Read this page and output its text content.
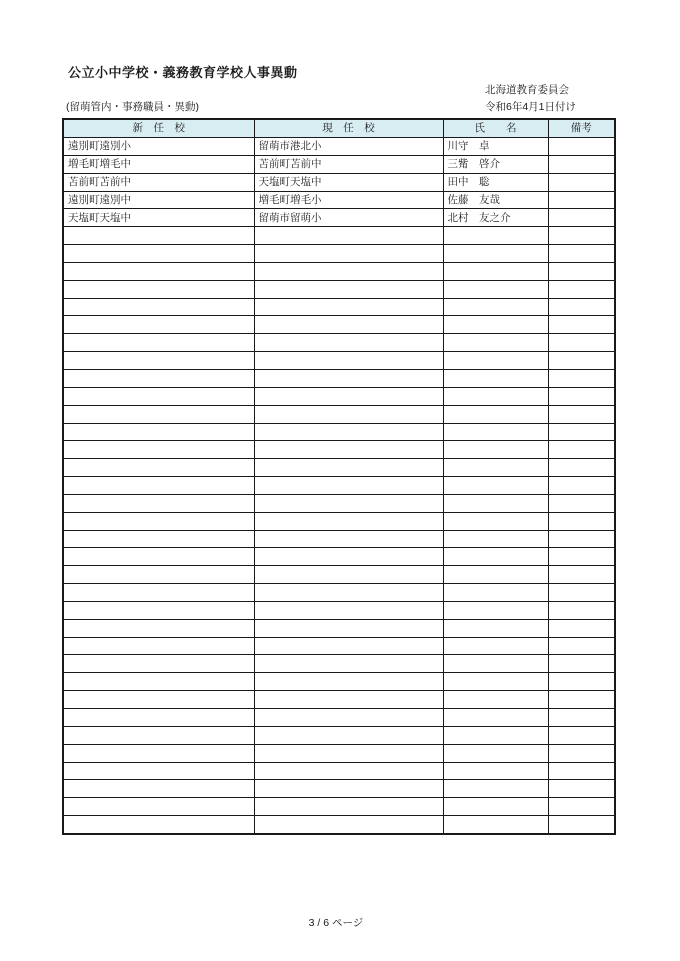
公立小中学校・義務教育学校人事異動
北海道教育委員会
(留萌管内・事務職員・異動)	令和6年4月1日付け
新　任　校	現　任　校	氏　　名	備考
遠別町遠別小	留萌市港北小	川守　卓	
増毛町増毛中	苫前町苫前中	三觜　啓介	
苫前町苫前中	天塩町天塩中	田中　聡	
遠別町遠別中	増毛町増毛小	佐藤　友哉	
天塩町天塩中	留萌市留萌小	北村　友之介	

3 / 6 ページ
